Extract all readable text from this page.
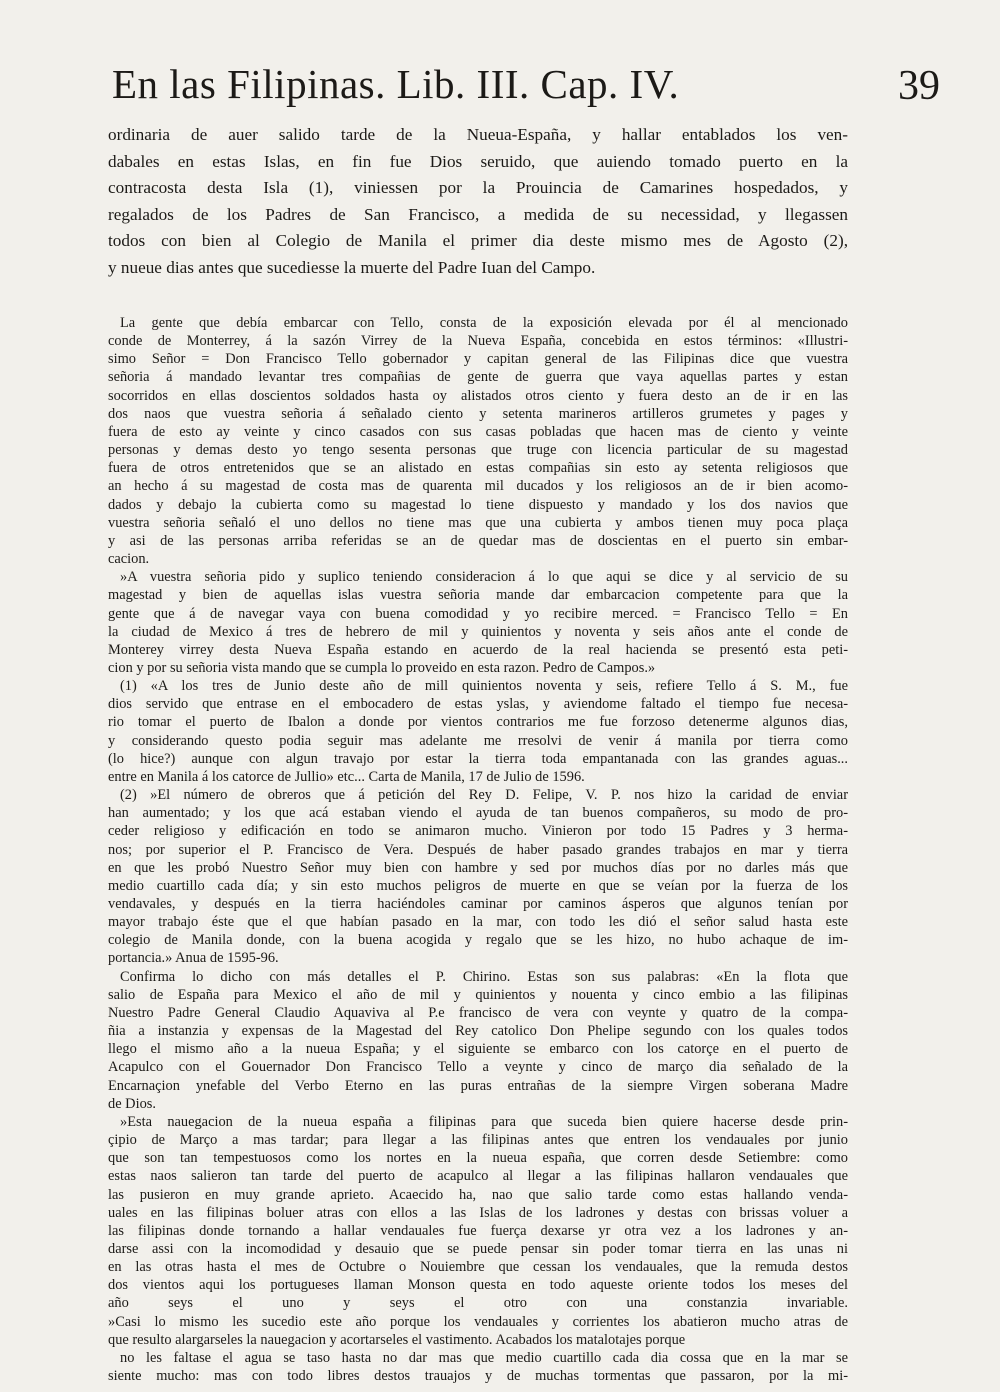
En las Filipinas. Lib. III. Cap. IV.	39
ordinaria de auer salido tarde de la Nueua-España, y hallar entablados los ven-
dabales en estas Islas, en fin fue Dios seruido, que auiendo tomado puerto en la
contracosta desta Isla (1), viniessen por la Prouincia de Camarines hospedados, y
regalados de los Padres de San Francisco, a medida de su necessidad, y llegassen
todos con bien al Colegio de Manila el primer dia deste mismo mes de Agosto (2),
y nueue dias antes que sucediesse la muerte del Padre Iuan del Campo.
La gente que debía embarcar con Tello, consta de la exposición elevada por él al mencionado
conde de Monterrey, á la sazón Virrey de la Nueva España, concebida en estos términos: «Illustri-
simo Señor = Don Francisco Tello gobernador y capitan general de las Filipinas dice que vuestra
señoria á mandado levantar tres compañias de gente de guerra que vaya aquellas partes y estan
socorridos en ellas doscientos soldados hasta oy alistados otros ciento y fuera desto an de ir en las
dos naos que vuestra señoria á señalado ciento y setenta marineros artilleros grumetes y pages y
fuera de esto ay veinte y cinco casados con sus casas pobladas que hacen mas de ciento y veinte
personas y demas desto yo tengo sesenta personas que truge con licencia particular de su magestad
fuera de otros entretenidos que se an alistado en estas compañias sin esto ay setenta religiosos que
an hecho á su magestad de costa mas de quarenta mil ducados y los religiosos an de ir bien acomo-
dados y debajo la cubierta como su magestad lo tiene dispuesto y mandado y los dos navios que
vuestra señoria señaló el uno dellos no tiene mas que una cubierta y ambos tienen muy poca plaça
y asi de las personas arriba referidas se an de quedar mas de doscientas en el puerto sin embar-
cacion.
»A vuestra señoria pido y suplico teniendo consideracion á lo que aqui se dice y al servicio de su
magestad y bien de aquellas islas vuestra señoria mande dar embarcacion competente para que la
gente que á de navegar vaya con buena comodidad y yo recibire merced. = Francisco Tello = En
la ciudad de Mexico á tres de hebrero de mil y quinientos y noventa y seis años ante el conde de
Monterey virrey desta Nueva España estando en acuerdo de la real hacienda se presentó esta peti-
cion y por su señoria vista mando que se cumpla lo proveido en esta razon. Pedro de Campos.»
(1) «A los tres de Junio deste año de mill quinientos noventa y seis, refiere Tello á S. M., fue
dios servido que entrase en el embocadero de estas yslas, y aviendome faltado el tiempo fue necesa-
rio tomar el puerto de Ibalon a donde por vientos contrarios me fue forzoso detenerme algunos dias,
y considerando questo podia seguir mas adelante me rresolvi de venir á manila por tierra como
(lo hice?) aunque con algun travajo por estar la tierra toda empantanada con las grandes aguas...
entre en Manila á los catorce de Jullio» etc... Carta de Manila, 17 de Julio de 1596.
(2) »El número de obreros que á petición del Rey D. Felipe, V. P. nos hizo la caridad de enviar
han aumentado; y los que acá estaban viendo el ayuda de tan buenos compañeros, su modo de pro-
ceder religioso y edificación en todo se animaron mucho. Vinieron por todo 15 Padres y 3 herma-
nos; por superior el P. Francisco de Vera. Después de haber pasado grandes trabajos en mar y tierra
en que les probó Nuestro Señor muy bien con hambre y sed por muchos días por no darles más que
medio cuartillo cada día; y sin esto muchos peligros de muerte en que se veían por la fuerza de los
vendavales, y después en la tierra haciéndoles caminar por caminos ásperos que algunos tenían por
mayor trabajo éste que el que habían pasado en la mar, con todo les dió el señor salud hasta este
colegio de Manila donde, con la buena acogida y regalo que se les hizo, no hubo achaque de im-
portancia.» Anua de 1595-96.
Confirma lo dicho con más detalles el P. Chirino. Estas son sus palabras: «En la flota que
salio de España para Mexico el año de mil y quinientos y nouenta y cinco embio a las filipinas
Nuestro Padre General Claudio Aquaviva al P.e francisco de vera con veynte y quatro de la compa-
ñia a instanzia y expensas de la Magestad del Rey catolico Don Phelipe segundo con los quales todos
llego el mismo año a la nueua España; y el siguiente se embarco con los catorçe en el puerto de
Acapulco con el Gouernador Don Francisco Tello a veynte y cinco de março dia señalado de la
Encarnaçion ynefable del Verbo Eterno en las puras entrañas de la siempre Virgen soberana Madre
de Dios.
»Esta nauegacion de la nueua españa a filipinas para que suceda bien quiere hacerse desde prin-
çipio de Março a mas tardar; para llegar a las filipinas antes que entren los vendauales por junio
que son tan tempestuosos como los nortes en la nueua españa, que corren desde Setiembre: como
estas naos salieron tan tarde del puerto de acapulco al llegar a las filipinas hallaron vendauales que
las pusieron en muy grande aprieto. Acaecido ha, nao que salio tarde como estas hallando venda-
uales en las filipinas boluer atras con ellos a las Islas de los ladrones y destas con brissas voluer a
las filipinas donde tornando a hallar vendauales fue fuerça dexarse yr otra vez a los ladrones y an-
darse assi con la incomodidad y desauio que se puede pensar sin poder tomar tierra en las unas ni
en las otras hasta el mes de Octubre o Nouiembre que cessan los vendauales, que la remuda destos
dos vientos aqui los portugueses llaman Monson questa en todo aqueste oriente todos los meses del
año seys el uno y seys el otro con una constanzia invariable.
»Casi lo mismo les sucedio este año porque los vendauales y corrientes los abatieron mucho atras de
que resulto alargarseles la nauegacion y acortarseles el vastimento. Acabados los matalotajes porque
no les faltase el agua se taso hasta no dar mas que medio cuartillo cada dia cossa que en la mar se
siente mucho: mas con todo libres destos trauajos y de muchas tormentas que passaron, por la mi-
